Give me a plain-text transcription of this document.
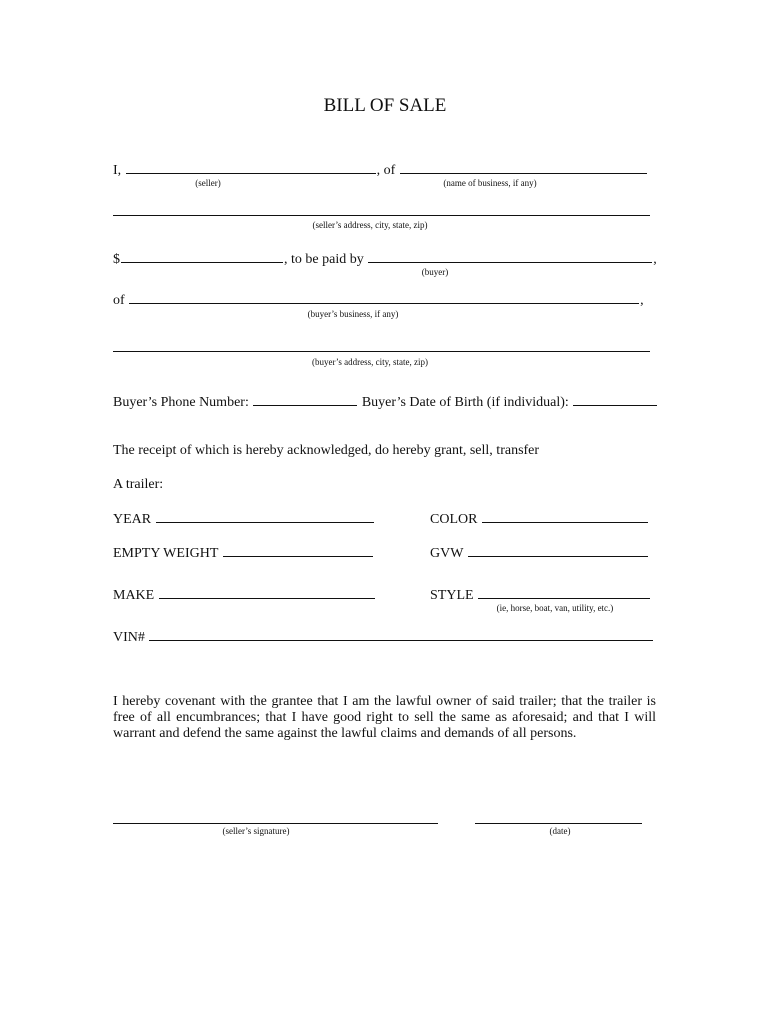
BILL OF SALE
I,	, of
(seller)	(name of business, if any)
(seller’s address, city, state, zip)
$	, to be paid by	,
(buyer)
of	,
(buyer’s business, if any)
(buyer’s address, city, state, zip)
Buyer’s Phone Number:	Buyer’s Date of Birth (if individual):
The receipt of which is hereby acknowledged, do hereby grant, sell, transfer
A trailer:
YEAR	COLOR
EMPTY WEIGHT	GVW
MAKE	STYLE
(ie, horse, boat, van, utility, etc.)
VIN#
I hereby covenant with the grantee that I am the lawful owner of said trailer; that the trailer is free of all encumbrances; that I have good right to sell the same as aforesaid; and that I will warrant and defend the same against the lawful claims and demands of all persons.
(seller’s signature)	(date)
